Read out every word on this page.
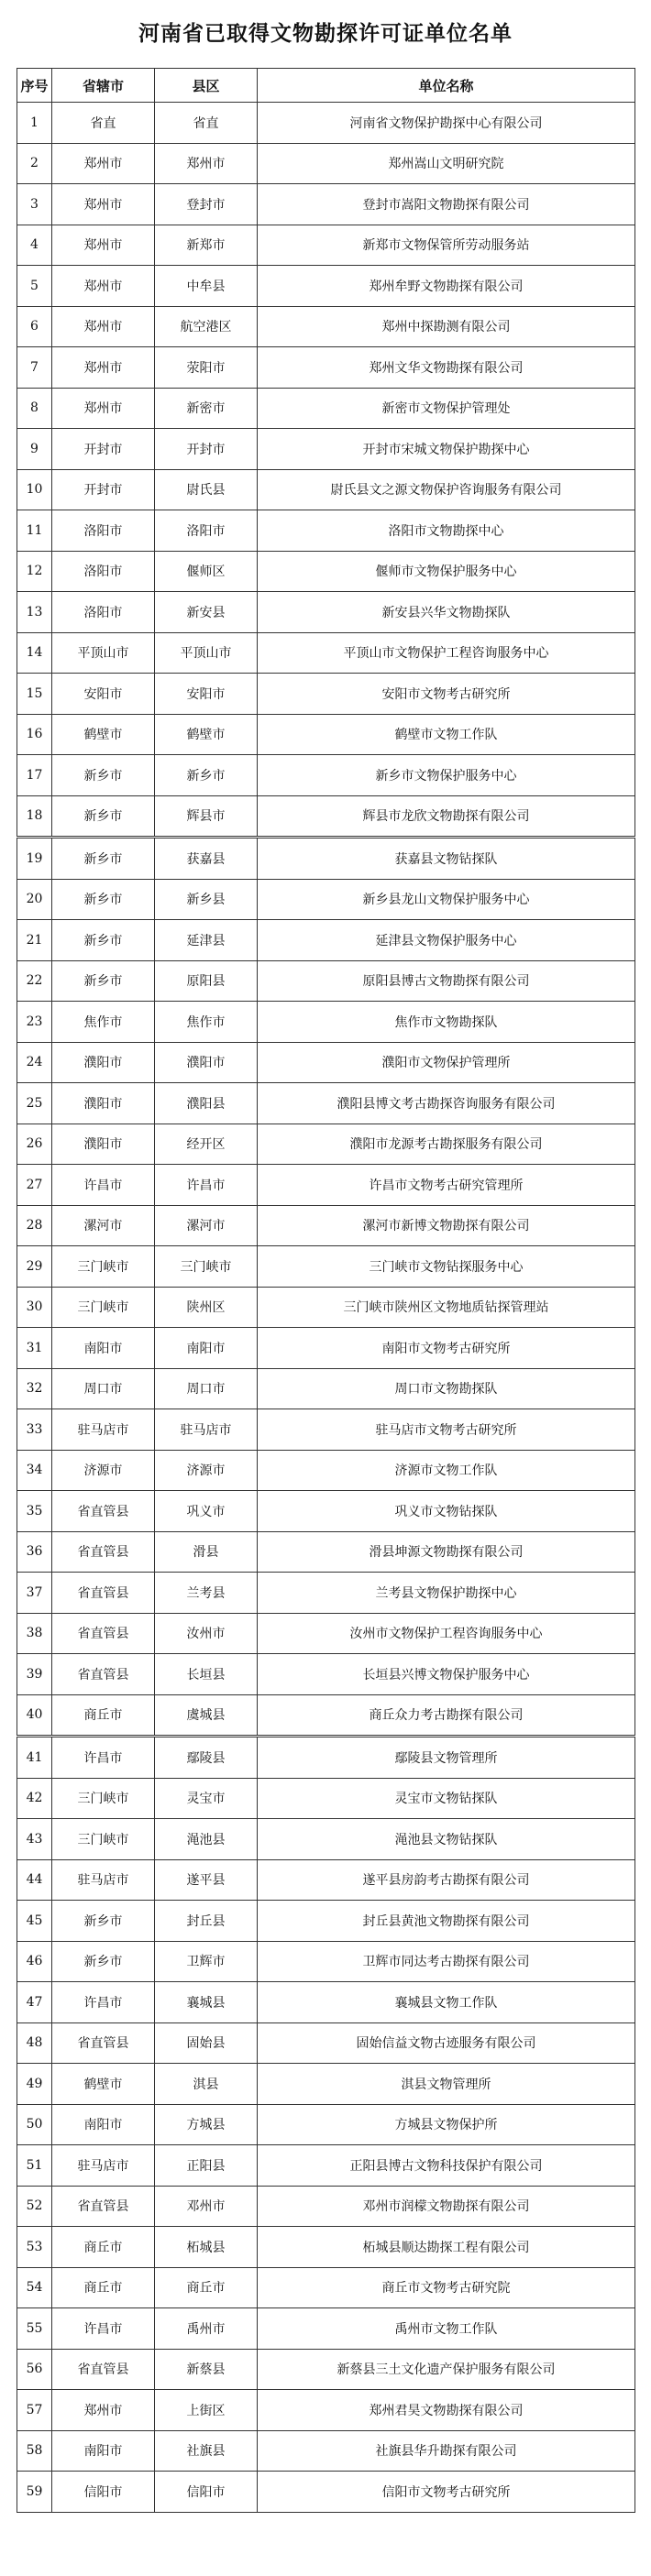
河南省已取得文物勘探许可证单位名单
序号	省辖市	县区	单位名称
1	省直	省直	河南省文物保护勘探中心有限公司
2	郑州市	郑州市	郑州嵩山文明研究院
3	郑州市	登封市	登封市嵩阳文物勘探有限公司
4	郑州市	新郑市	新郑市文物保管所劳动服务站
5	郑州市	中牟县	郑州牟野文物勘探有限公司
6	郑州市	航空港区	郑州中探勘测有限公司
7	郑州市	荥阳市	郑州文华文物勘探有限公司
8	郑州市	新密市	新密市文物保护管理处
9	开封市	开封市	开封市宋城文物保护勘探中心
10	开封市	尉氏县	尉氏县文之源文物保护咨询服务有限公司
11	洛阳市	洛阳市	洛阳市文物勘探中心
12	洛阳市	偃师区	偃师市文物保护服务中心
13	洛阳市	新安县	新安县兴华文物勘探队
14	平顶山市	平顶山市	平顶山市文物保护工程咨询服务中心
15	安阳市	安阳市	安阳市文物考古研究所
16	鹤壁市	鹤壁市	鹤壁市文物工作队
17	新乡市	新乡市	新乡市文物保护服务中心
18	新乡市	辉县市	辉县市龙欣文物勘探有限公司
19	新乡市	获嘉县	获嘉县文物钻探队
20	新乡市	新乡县	新乡县龙山文物保护服务中心
21	新乡市	延津县	延津县文物保护服务中心
22	新乡市	原阳县	原阳县博古文物勘探有限公司
23	焦作市	焦作市	焦作市文物勘探队
24	濮阳市	濮阳市	濮阳市文物保护管理所
25	濮阳市	濮阳县	濮阳县博文考古勘探咨询服务有限公司
26	濮阳市	经开区	濮阳市龙源考古勘探服务有限公司
27	许昌市	许昌市	许昌市文物考古研究管理所
28	漯河市	漯河市	漯河市新博文物勘探有限公司
29	三门峡市	三门峡市	三门峡市文物钻探服务中心
30	三门峡市	陕州区	三门峡市陕州区文物地质钻探管理站
31	南阳市	南阳市	南阳市文物考古研究所
32	周口市	周口市	周口市文物勘探队
33	驻马店市	驻马店市	驻马店市文物考古研究所
34	济源市	济源市	济源市文物工作队
35	省直管县	巩义市	巩义市文物钻探队
36	省直管县	滑县	滑县坤源文物勘探有限公司
37	省直管县	兰考县	兰考县文物保护勘探中心
38	省直管县	汝州市	汝州市文物保护工程咨询服务中心
39	省直管县	长垣县	长垣县兴博文物保护服务中心
40	商丘市	虞城县	商丘众力考古勘探有限公司
41	许昌市	鄢陵县	鄢陵县文物管理所
42	三门峡市	灵宝市	灵宝市文物钻探队
43	三门峡市	渑池县	渑池县文物钻探队
44	驻马店市	遂平县	遂平县房韵考古勘探有限公司
45	新乡市	封丘县	封丘县黄池文物勘探有限公司
46	新乡市	卫辉市	卫辉市同达考古勘探有限公司
47	许昌市	襄城县	襄城县文物工作队
48	省直管县	固始县	固始信益文物古迹服务有限公司
49	鹤壁市	淇县	淇县文物管理所
50	南阳市	方城县	方城县文物保护所
51	驻马店市	正阳县	正阳县博古文物科技保护有限公司
52	省直管县	邓州市	邓州市润檬文物勘探有限公司
53	商丘市	柘城县	柘城县顺达勘探工程有限公司
54	商丘市	商丘市	商丘市文物考古研究院
55	许昌市	禹州市	禹州市文物工作队
56	省直管县	新蔡县	新蔡县三土文化遗产保护服务有限公司
57	郑州市	上街区	郑州君昊文物勘探有限公司
58	南阳市	社旗县	社旗县华升勘探有限公司
59	信阳市	信阳市	信阳市文物考古研究所
